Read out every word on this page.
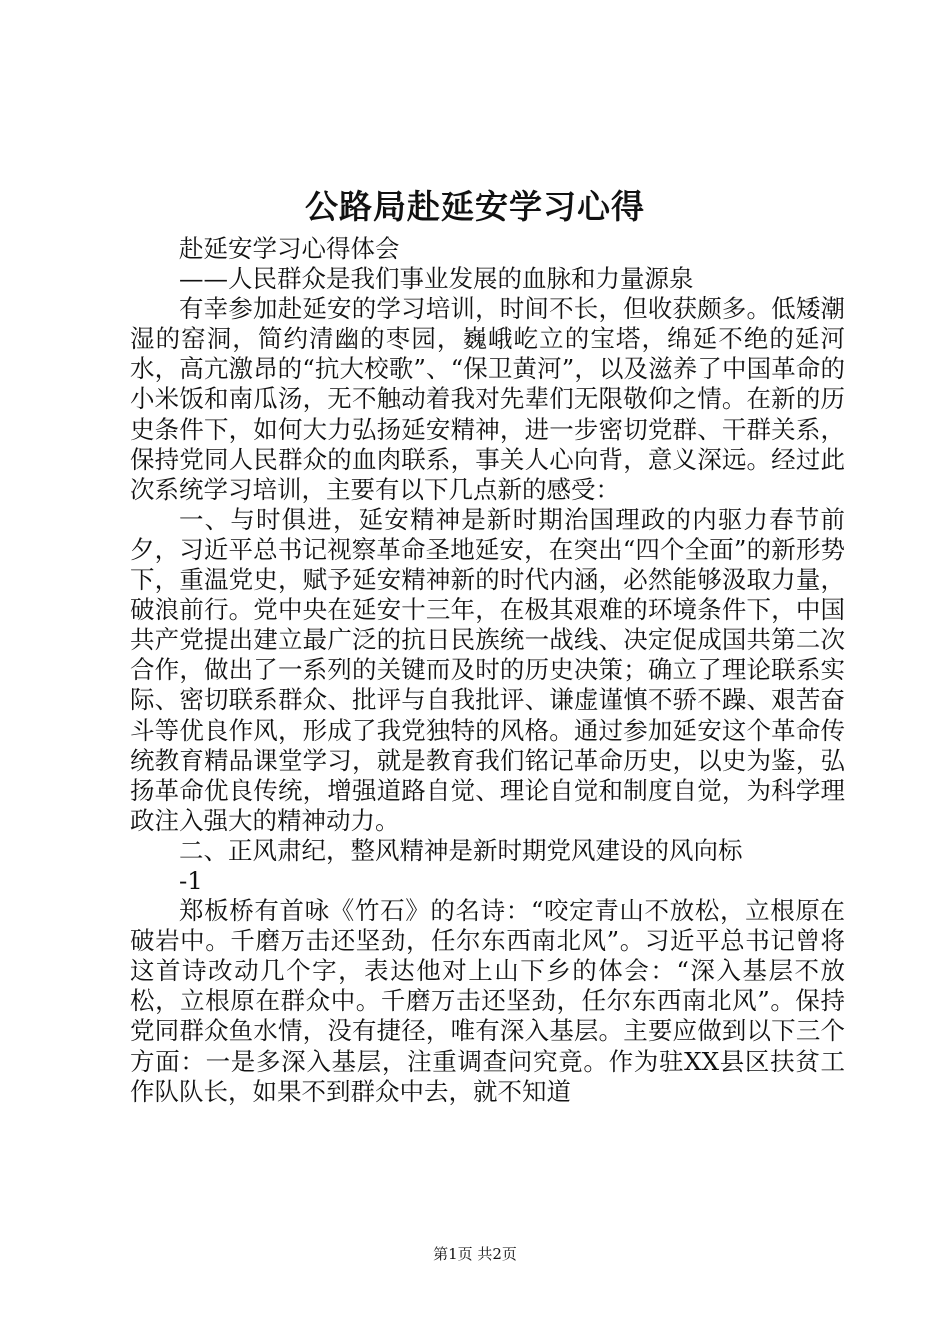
公路局赴延安学习心得

赴延安学习心得体会

——人民群众是我们事业发展的血脉和力量源泉

有幸参加赴延安的学习培训，时间不长，但收获颇多。低矮潮湿的窑洞，简约清幽的枣园，巍峨屹立的宝塔，绵延不绝的延河水，高亢激昂的“抗大校歌”、“保卫黄河”，以及滋养了中国革命的小米饭和南瓜汤，无不触动着我对先辈们无限敬仰之情。在新的历史条件下，如何大力弘扬延安精神，进一步密切党群、干群关系，保持党同人民群众的血肉联系，事关人心向背，意义深远。经过此次系统学习培训，主要有以下几点新的感受：

一、与时俱进，延安精神是新时期治国理政的内驱力春节前夕，习近平总书记视察革命圣地延安，在突出“四个全面”的新形势下，重温党史，赋予延安精神新的时代内涵，必然能够汲取力量，破浪前行。党中央在延安十三年，在极其艰难的环境条件下，中国共产党提出建立最广泛的抗日民族统一战线、决定促成国共第二次合作，做出了一系列的关键而及时的历史决策；确立了理论联系实际、密切联系群众、批评与自我批评、谦虚谨慎不骄不躁、艰苦奋斗等优良作风，形成了我党独特的风格。通过参加延安这个革命传统教育精品课堂学习，就是教育我们铭记革命历史，以史为鉴，弘扬革命优良传统，增强道路自觉、理论自觉和制度自觉，为科学理政注入强大的精神动力。

二、正风肃纪，整风精神是新时期党风建设的风向标

-1

郑板桥有首咏《竹石》的名诗：“咬定青山不放松，立根原在破岩中。千磨万击还坚劲，任尔东西南北风”。习近平总书记曾将这首诗改动几个字，表达他对上山下乡的体会：“深入基层不放松，立根原在群众中。千磨万击还坚劲，任尔东西南北风”。保持党同群众鱼水情，没有捷径，唯有深入基层。主要应做到以下三个方面：一是多深入基层，注重调查问究竟。作为驻XX县区扶贫工作队队长，如果不到群众中去，就不知道

第1页 共2页
